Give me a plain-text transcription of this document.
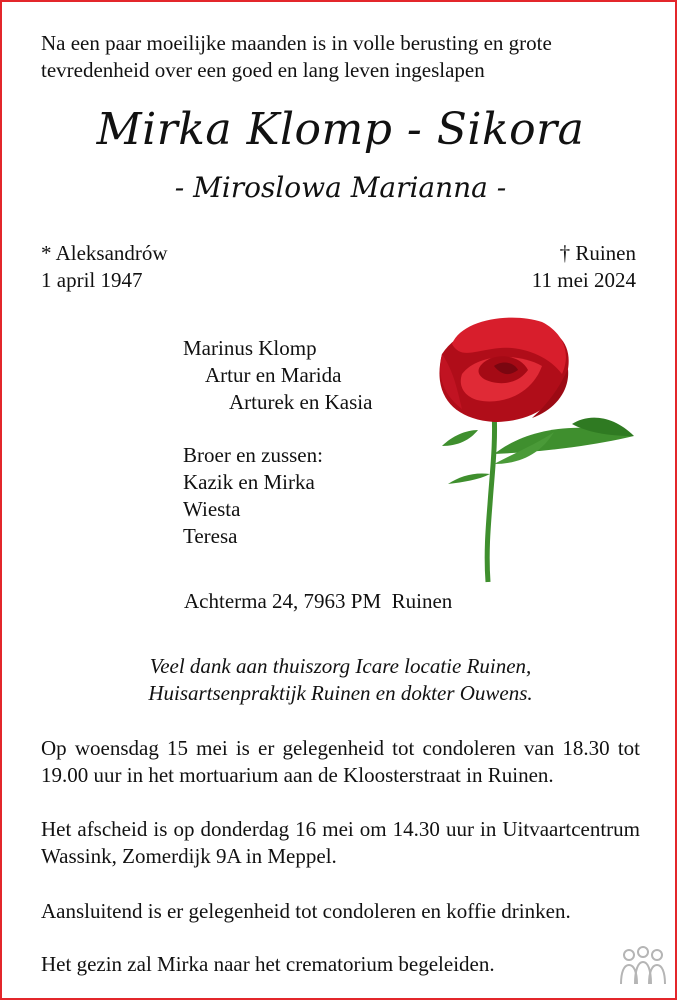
Na een paar moeilijke maanden is in volle berusting en grote
tevredenheid over een goed en lang leven ingeslapen
Mirka Klomp - Sikora
- Miroslowa Marianna -
* Aleksandrów
1 april 1947
† Ruinen
11 mei 2024
Marinus Klomp
Artur en Marida
Arturek en Kasia
Broer en zussen:
Kazik en Mirka
Wiesta
Teresa
Achterma 24, 7963 PM  Ruinen
Veel dank aan thuiszorg Icare locatie Ruinen,
Huisartsenpraktijk Ruinen en dokter Ouwens.
Op woensdag 15 mei is er gelegenheid tot condoleren van 18.30 tot 19.00 uur in het mortuarium aan de Kloosterstraat in Ruinen.
Het afscheid is op donderdag 16 mei om 14.30 uur in Uitvaartcentrum Wassink, Zomerdijk 9A in Meppel.
Aansluitend is er gelegenheid tot condoleren en koffie drinken.
Het gezin zal Mirka naar het crematorium begeleiden.
